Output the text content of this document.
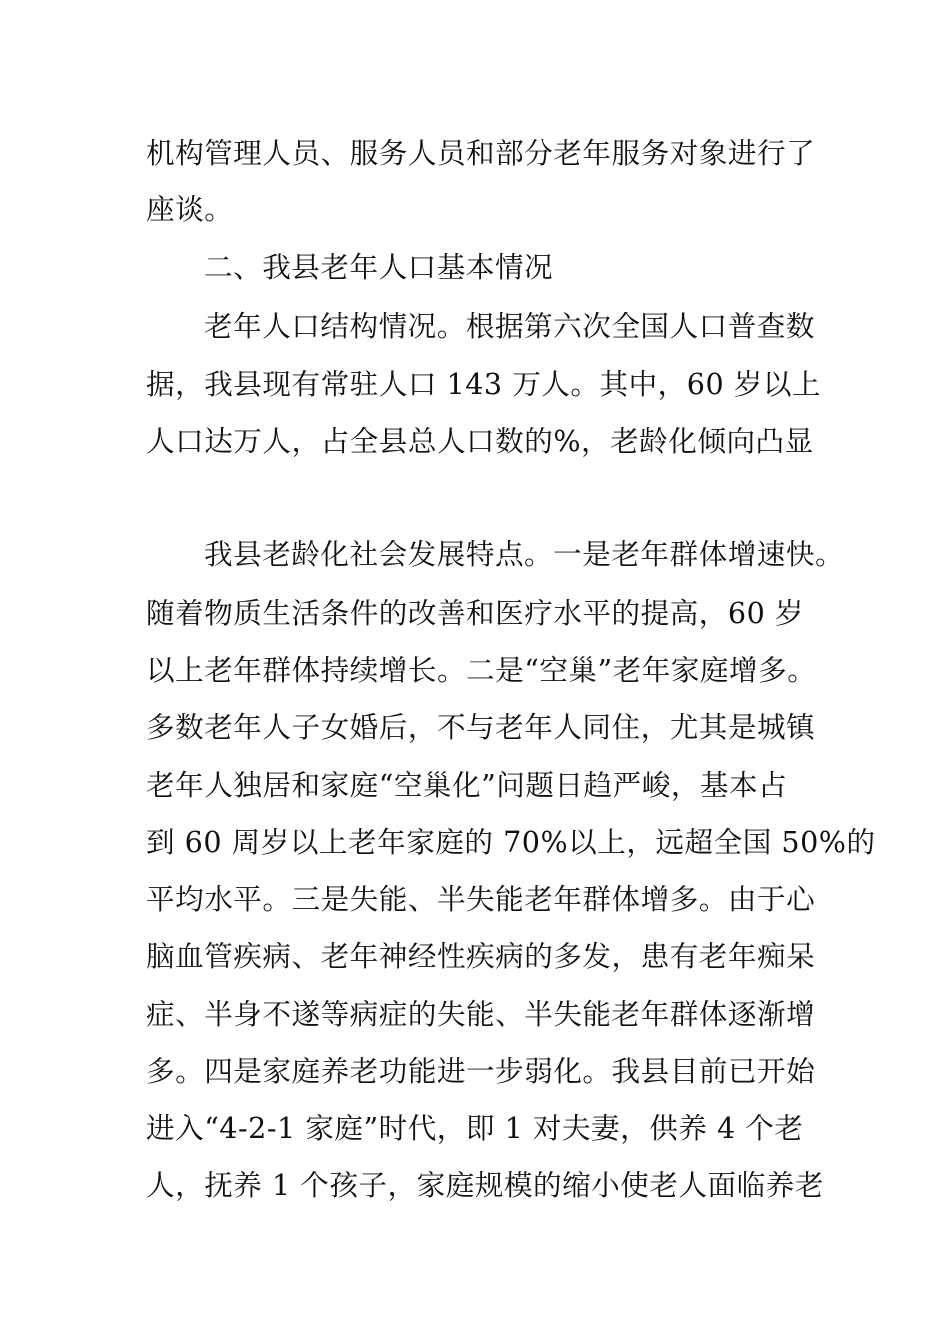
机构管理人员、服务人员和部分老年服务对象进行了
座谈。
二、我县老年人口基本情况
老年人口结构情况。根据第六次全国人口普查数
据，我县现有常驻人口 143 万人。其中，60 岁以上
人口达万人，占全县总人口数的%，老龄化倾向凸显
我县老龄化社会发展特点。一是老年群体增速快。
随着物质生活条件的改善和医疗水平的提高，60 岁
以上老年群体持续增长。二是“空巢”老年家庭增多。
多数老年人子女婚后，不与老年人同住，尤其是城镇
老年人独居和家庭“空巢化”问题日趋严峻，基本占
到 60 周岁以上老年家庭的 70%以上，远超全国 50%的
平均水平。三是失能、半失能老年群体增多。由于心
脑血管疾病、老年神经性疾病的多发，患有老年痴呆
症、半身不遂等病症的失能、半失能老年群体逐渐增
多。四是家庭养老功能进一步弱化。我县目前已开始
进入“4-2-1 家庭”时代，即 1 对夫妻，供养 4 个老
人，抚养 1 个孩子，家庭规模的缩小使老人面临养老
